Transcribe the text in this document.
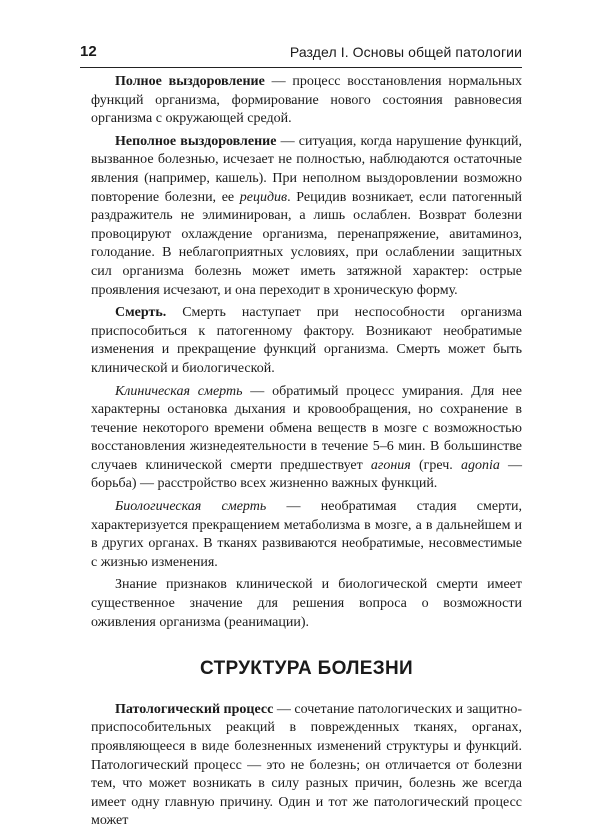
12	Раздел I. Основы общей патологии

Полное выздоровление — процесс восстановления нормальных функций организма, формирование нового состояния равновесия организма с окружающей средой.

Неполное выздоровление — ситуация, когда нарушение функций, вызванное болезнью, исчезает не полностью, наблюдаются остаточные явления (например, кашель). При неполном выздоровлении возможно повторение болезни, ее рецидив. Рецидив возникает, если патогенный раздражитель не элиминирован, а лишь ослаблен. Возврат болезни провоцируют охлаждение организма, перенапряжение, авитаминоз, голодание. В неблагоприятных условиях, при ослаблении защитных сил организма болезнь может иметь затяжной характер: острые проявления исчезают, и она переходит в хроническую форму.

Смерть. Смерть наступает при неспособности организма приспособиться к патогенному фактору. Возникают необратимые изменения и прекращение функций организма. Смерть может быть клинической и биологической.

Клиническая смерть — обратимый процесс умирания. Для нее характерны остановка дыхания и кровообращения, но сохранение в течение некоторого времени обмена веществ в мозге с возможностью восстановления жизнедеятельности в течение 5–6 мин. В большинстве случаев клинической смерти предшествует агония (греч. agonia — борьба) — расстройство всех жизненно важных функций.

Биологическая смерть — необратимая стадия смерти, характеризуется прекращением метаболизма в мозге, а в дальнейшем и в других органах. В тканях развиваются необратимые, несовместимые с жизнью изменения.

Знание признаков клинической и биологической смерти имеет существенное значение для решения вопроса о возможности оживления организма (реанимации).

СТРУКТУРА БОЛЕЗНИ

Патологический процесс — сочетание патологических и защитно-приспособительных реакций в поврежденных тканях, органах, проявляющееся в виде болезненных изменений структуры и функций. Патологический процесс — это не болезнь; он отличается от болезни тем, что может возникать в силу разных причин, болезнь же всегда имеет одну главную причину. Один и тот же патологический процесс может
